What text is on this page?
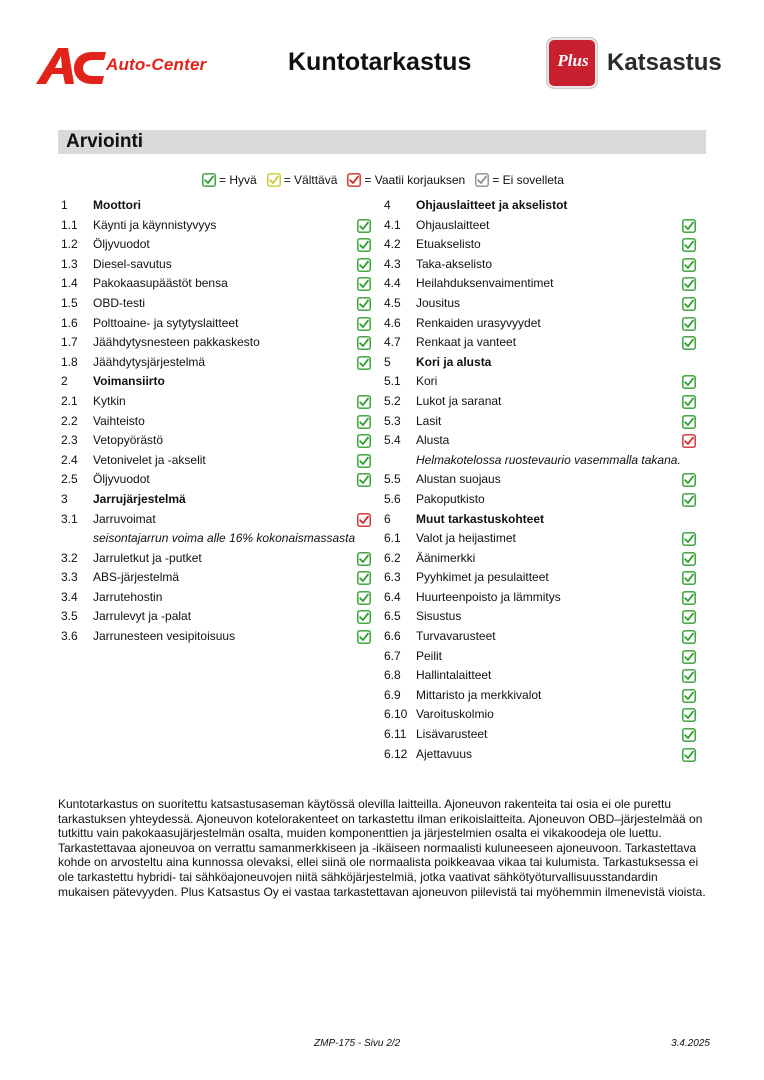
Auto-Center	Kuntotarkastus	Plus Katsastus
Arviointi
= Hyvä = Välttävä = Vaatii korjauksen = Ei sovelleta
1 Moottori
1.1 Käynti ja käynnistyvyys
1.2 Öljyvuodot
1.3 Diesel-savutus
1.4 Pakokaasupäästöt bensa
1.5 OBD-testi
1.6 Polttoaine- ja sytytyslaitteet
1.7 Jäähdytysnesteen pakkaskesto
1.8 Jäähdytysjärjestelmä
2 Voimansiirto
2.1 Kytkin
2.2 Vaihteisto
2.3 Vetopyörästö
2.4 Vetonivelet ja -akselit
2.5 Öljyvuodot
3 Jarrujärjestelmä
3.1 Jarruvoimat
seisontajarrun voima alle 16% kokonaismassasta
3.2 Jarruletkut ja -putket
3.3 ABS-järjestelmä
3.4 Jarrutehostin
3.5 Jarrulevyt ja -palat
3.6 Jarrunesteen vesipitoisuus
4 Ohjauslaitteet ja akselistot
4.1 Ohjauslaitteet
4.2 Etuakselisto
4.3 Taka-akselisto
4.4 Heilahduksenvaimentimet
4.5 Jousitus
4.6 Renkaiden urasyvyydet
4.7 Renkaat ja vanteet
5 Kori ja alusta
5.1 Kori
5.2 Lukot ja saranat
5.3 Lasit
5.4 Alusta
Helmakotelossa ruostevaurio vasemmalla takana.
5.5 Alustan suojaus
5.6 Pakoputkisto
6 Muut tarkastuskohteet
6.1 Valot ja heijastimet
6.2 Äänimerkki
6.3 Pyyhkimet ja pesulaitteet
6.4 Huurteenpoisto ja lämmitys
6.5 Sisustus
6.6 Turvavarusteet
6.7 Peilit
6.8 Hallintalaitteet
6.9 Mittaristo ja merkkivalot
6.10 Varoituskolmio
6.11 Lisävarusteet
6.12 Ajettavuus
Kuntotarkastus on suoritettu katsastusaseman käytössä olevilla laitteilla. Ajoneuvon rakenteita tai osia ei ole purettu tarkastuksen yhteydessä. Ajoneuvon kotelorakenteet on tarkastettu ilman erikoislaitteita. Ajoneuvon OBD–järjestelmää on tutkittu vain pakokaasujärjestelmän osalta, muiden komponenttien ja järjestelmien osalta ei vikakoodeja ole luettu. Tarkastettavaa ajoneuvoa on verrattu samanmerkkiseen ja -ikäiseen normaalisti kuluneeseen ajoneuvoon. Tarkastettava kohde on arvosteltu aina kunnossa olevaksi, ellei siinä ole normaalista poikkeavaa vikaa tai kulumista. Tarkastuksessa ei ole tarkastettu hybridi- tai sähköajoneuvojen niitä sähköjärjestelmiä, jotka vaativat sähkötyöturvallisuusstandardin mukaisen pätevyyden. Plus Katsastus Oy ei vastaa tarkastettavan ajoneuvon piilevistä tai myöhemmin ilmenevistä vioista.
ZMP-175 - Sivu 2/2	3.4.2025
